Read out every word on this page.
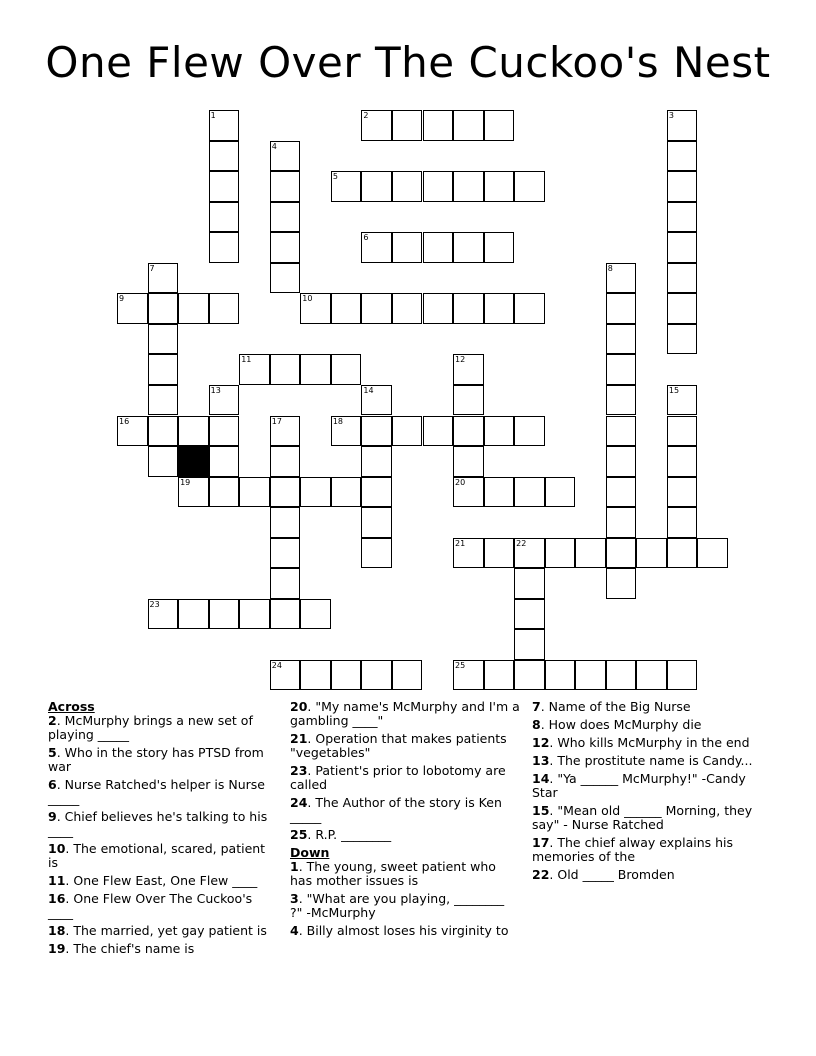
One Flew Over The Cuckoo's Nest
1	2	3
4
5
6
7	8
9	10
11	12
20
13	14	15
16	17	18
19
21	22
23
24	25
Across
2. McMurphy brings a new set of playing _____
5. Who in the story has PTSD from war
6. Nurse Ratched's helper is Nurse _____
9. Chief believes he's talking to his ____
10. The emotional, scared, patient is
11. One Flew East, One Flew ____
16. One Flew Over The Cuckoo's ____
18. The married, yet gay patient is
19. The chief's name is
20. "My name's McMurphy and I'm a gambling ____"
21. Operation that makes patients "vegetables"
23. Patient's prior to lobotomy are called
24. The Author of the story is Ken _____
25. R.P. ________
Down
1. The young, sweet patient who has mother issues is
3. "What are you playing, ________ ?" -McMurphy
4. Billy almost loses his virginity to
7. Name of the Big Nurse
8. How does McMurphy die
12. Who kills McMurphy in the end
13. The prostitute name is Candy...
14. "Ya ______ McMurphy!" -Candy Star
15. "Mean old ______ Morning, they say" - Nurse Ratched
17. The chief alway explains his memories of the
22. Old _____ Bromden
